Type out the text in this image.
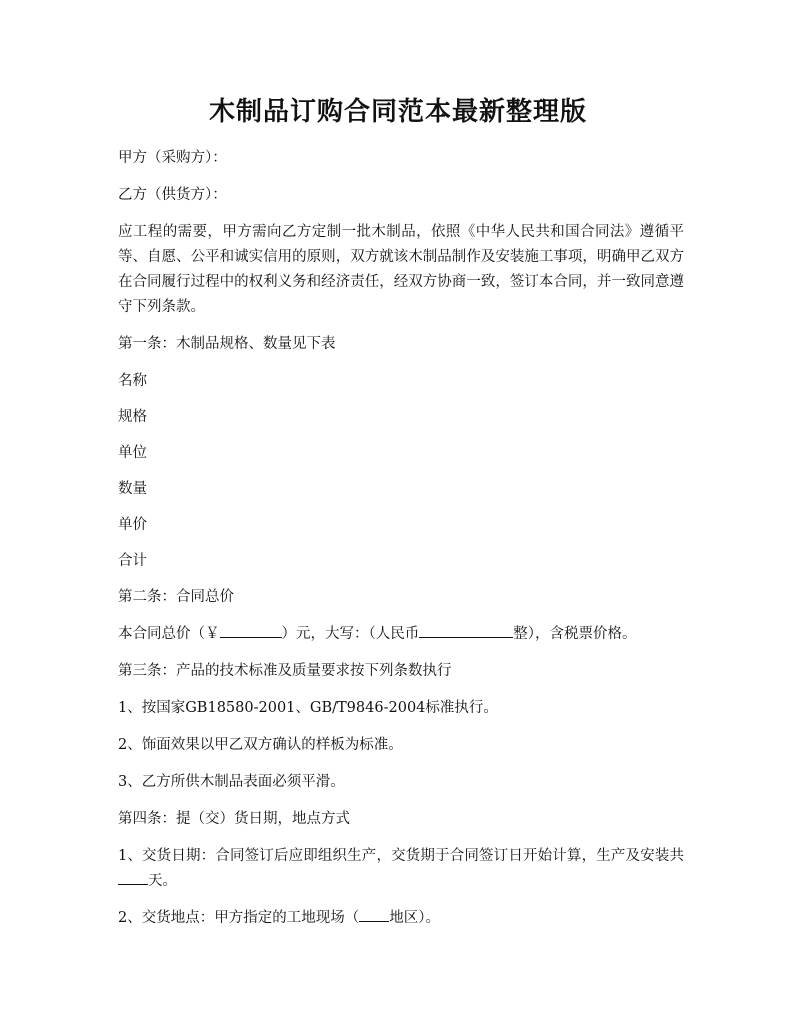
木制品订购合同范本最新整理版

甲方（采购方）：

乙方（供货方）：

应工程的需要，甲方需向乙方定制一批木制品，依照《中华人民共和国合同法》遵循平等、自愿、公平和诚实信用的原则，双方就该木制品制作及安装施工事项，明确甲乙双方在合同履行过程中的权利义务和经济责任，经双方协商一致，签订本合同，并一致同意遵守下列条款。

第一条：木制品规格、数量见下表

名称

规格

单位

数量

单价

合计

第二条：合同总价

本合同总价（￥	）元，大写：（人民币	整），含税票价格。

第三条：产品的技术标准及质量要求按下列条数执行

1、按国家GB18580-2001、GB/T9846-2004标准执行。

2、饰面效果以甲乙双方确认的样板为标准。

3、乙方所供木制品表面必须平滑。

第四条：提（交）货日期，地点方式

1、交货日期：合同签订后应即组织生产，交货期于合同签订日开始计算，生产及安装共天。

2、交货地点：甲方指定的工地现场（ 地区）。
